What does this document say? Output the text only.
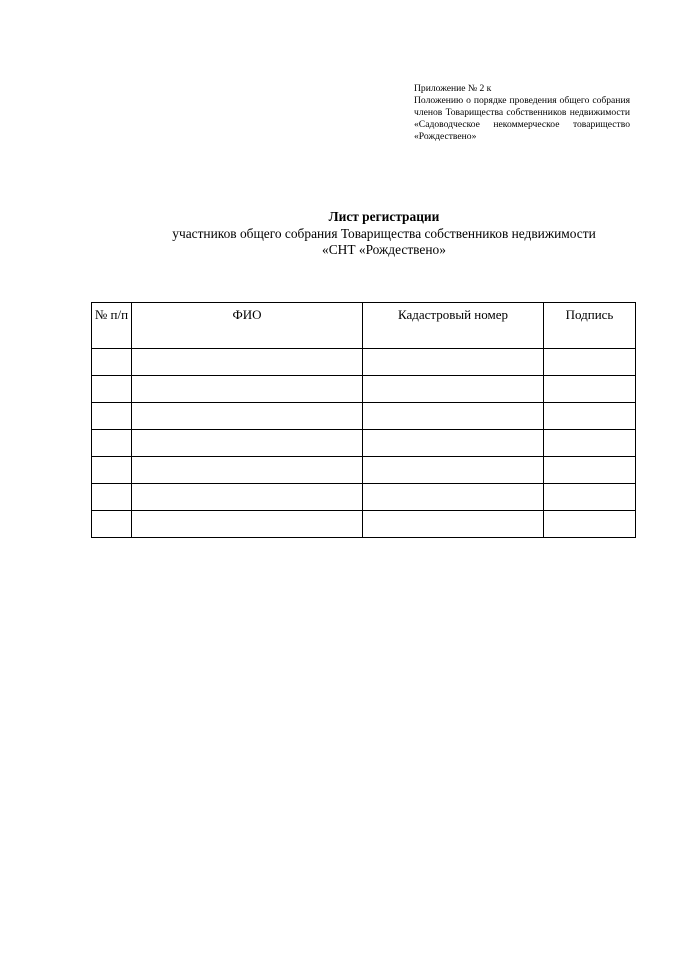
Приложение № 2 к
Положению о порядке проведения общего собрания членов Товарищества собственников недвижимости «Садоводческое некоммерческое товарищество «Рождествено»
Лист регистрации
участников общего собрания Товарищества собственников недвижимости
«СНТ «Рождествено»
№ п/п	ФИО	Кадастровый номер	Подпись
